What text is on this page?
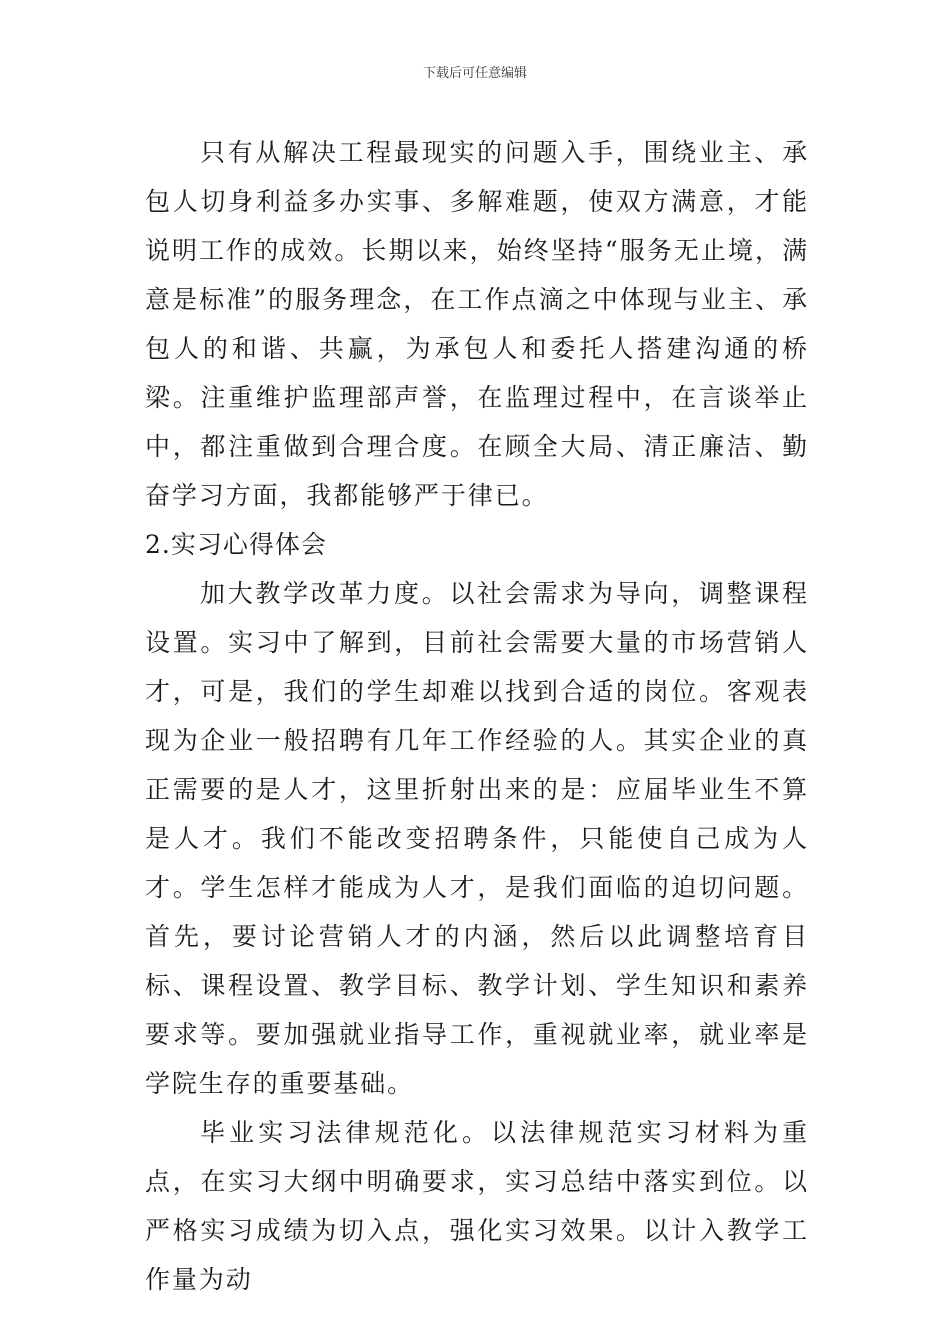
下载后可任意编辑

只有从解决工程最现实的问题入手，围绕业主、承包人切身利益多办实事、多解难题，使双方满意，才能说明工作的成效。长期以来，始终坚持“服务无止境，满意是标准”的服务理念，在工作点滴之中体现与业主、承包人的和谐、共赢，为承包人和委托人搭建沟通的桥梁。注重维护监理部声誉，在监理过程中，在言谈举止中，都注重做到合理合度。在顾全大局、清正廉洁、勤奋学习方面，我都能够严于律已。

2.实习心得体会

加大教学改革力度。以社会需求为导向，调整课程设置。实习中了解到，目前社会需要大量的市场营销人才，可是，我们的学生却难以找到合适的岗位。客观表现为企业一般招聘有几年工作经验的人。其实企业的真正需要的是人才，这里折射出来的是：应届毕业生不算是人才。我们不能改变招聘条件，只能使自己成为人才。学生怎样才能成为人才，是我们面临的迫切问题。首先，要讨论营销人才的内涵，然后以此调整培育目标、课程设置、教学目标、教学计划、学生知识和素养要求等。要加强就业指导工作，重视就业率，就业率是学院生存的重要基础。

毕业实习法律规范化。以法律规范实习材料为重点，在实习大纲中明确要求，实习总结中落实到位。以严格实习成绩为切入点，强化实习效果。以计入教学工作量为动
